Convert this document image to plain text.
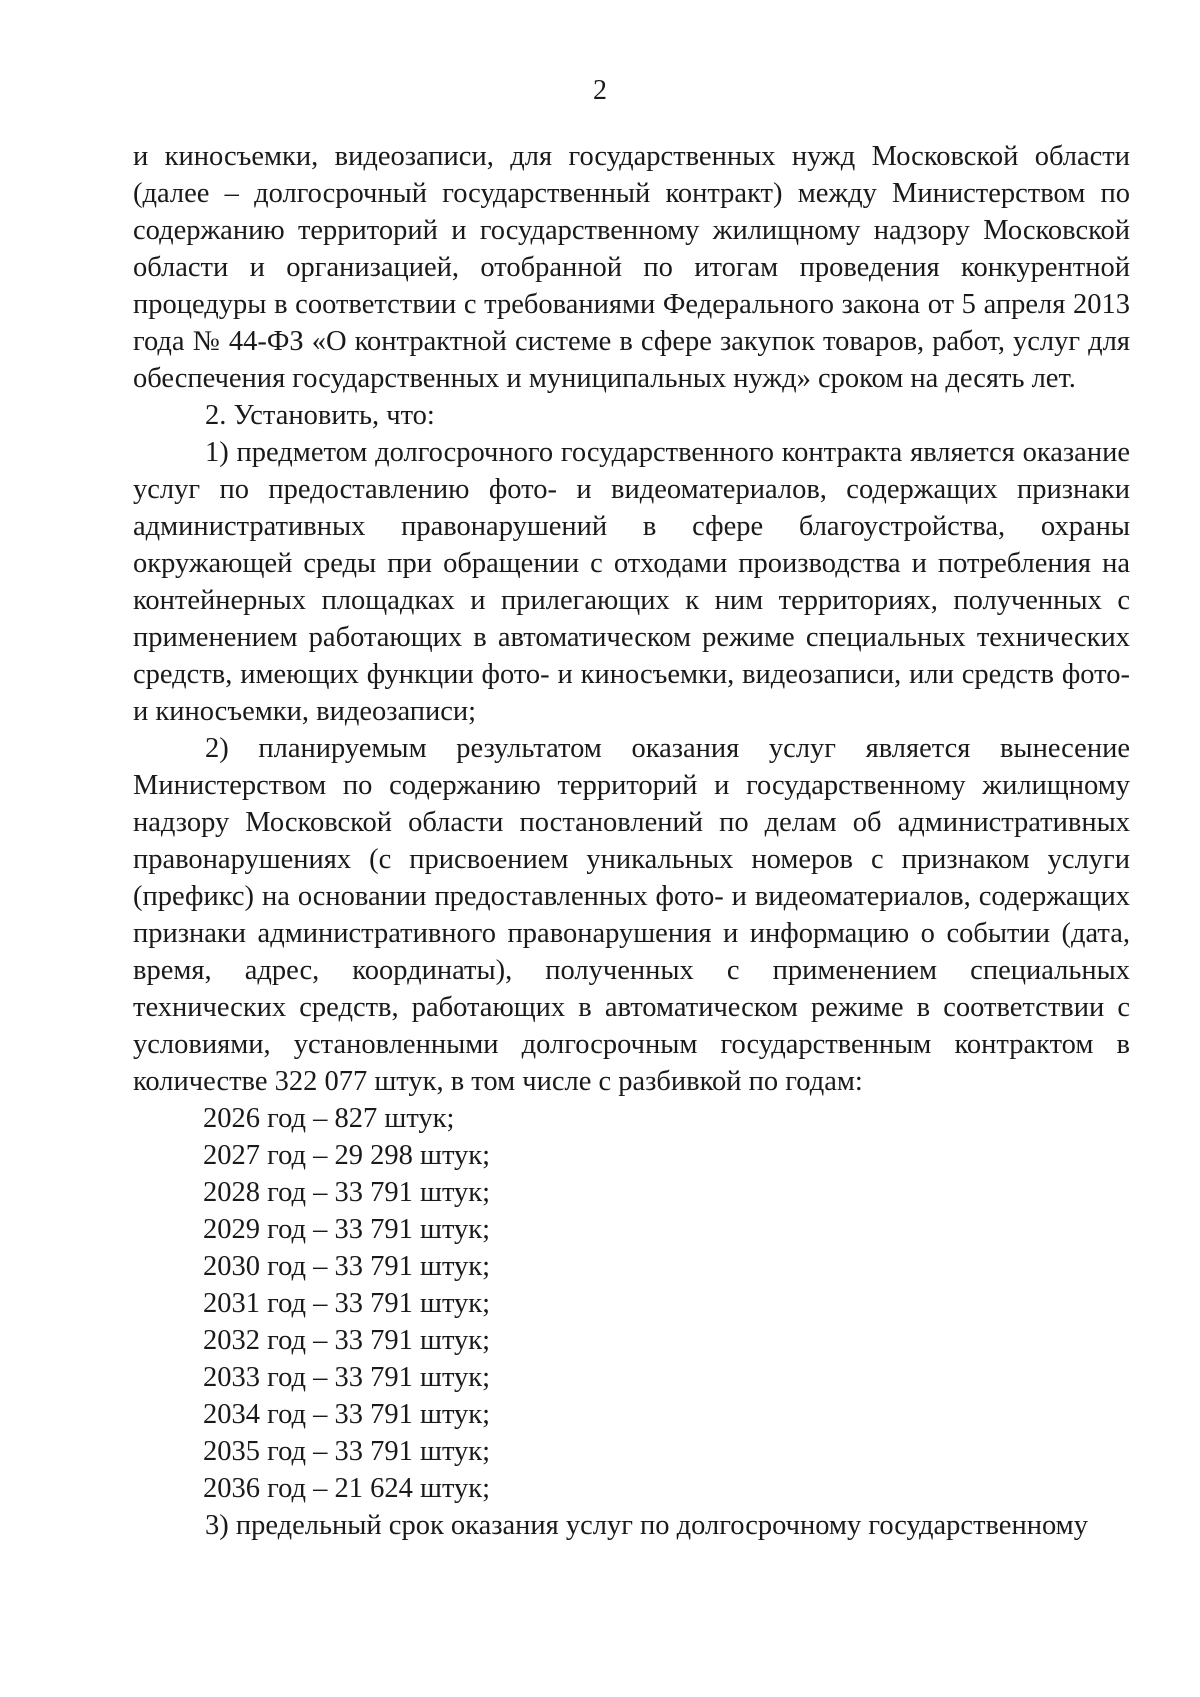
2

и киносъемки, видеозаписи, для государственных нужд Московской области (далее – долгосрочный государственный контракт) между Министерством по содержанию территорий и государственному жилищному надзору Московской области и организацией, отобранной по итогам проведения конкурентной процедуры в соответствии с требованиями Федерального закона от 5 апреля 2013 года № 44-ФЗ «О контрактной системе в сфере закупок товаров, работ, услуг для обеспечения государственных и муниципальных нужд» сроком на десять лет.

2. Установить, что:

1) предметом долгосрочного государственного контракта является оказание услуг по предоставлению фото- и видеоматериалов, содержащих признаки административных правонарушений в сфере благоустройства, охраны окружающей среды при обращении с отходами производства и потребления на контейнерных площадках и прилегающих к ним территориях, полученных с применением работающих в автоматическом режиме специальных технических средств, имеющих функции фото- и киносъемки, видеозаписи, или средств фото- и киносъемки, видеозаписи;

2) планируемым результатом оказания услуг является вынесение Министерством по содержанию территорий и государственному жилищному надзору Московской области постановлений по делам об административных правонарушениях (с присвоением уникальных номеров с признаком услуги (префикс) на основании предоставленных фото- и видеоматериалов, содержащих признаки административного правонарушения и информацию о событии (дата, время, адрес, координаты), полученных с применением специальных технических средств, работающих в автоматическом режиме в соответствии с условиями, установленными долгосрочным государственным контрактом в количестве 322 077 штук, в том числе с разбивкой по годам:

2026 год – 827 штук;
2027 год – 29 298 штук;
2028 год – 33 791 штук;
2029 год – 33 791 штук;
2030 год – 33 791 штук;
2031 год – 33 791 штук;
2032 год – 33 791 штук;
2033 год – 33 791 штук;
2034 год – 33 791 штук;
2035 год – 33 791 штук;
2036 год – 21 624 штук;

3) предельный срок оказания услуг по долгосрочному государственному
